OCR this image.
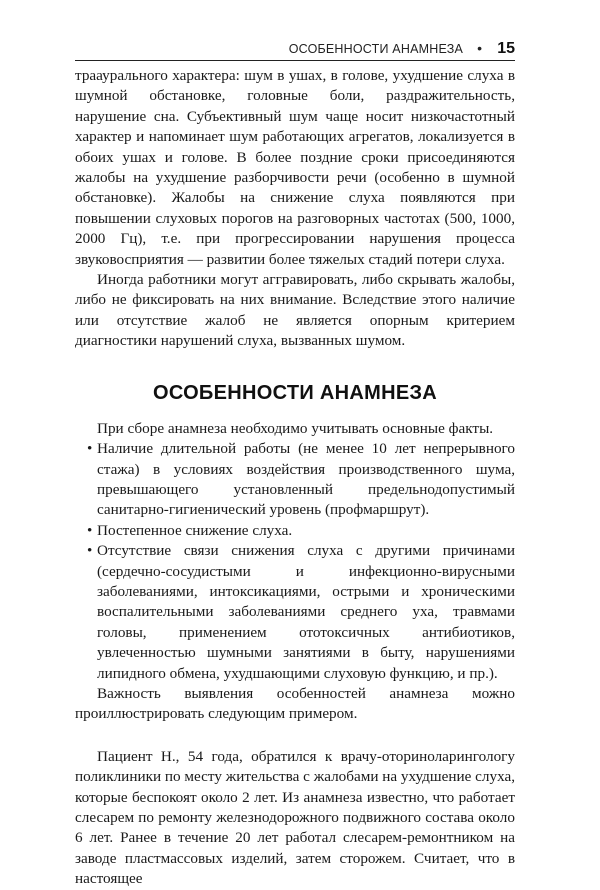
ОСОБЕННОСТИ АНАМНЕЗА • 15

трааурального характера: шум в ушах, в голове, ухудшение слуха в шумной обстановке, головные боли, раздражительность, нарушение сна. Субъективный шум чаще носит низкочастотный характер и напоминает шум работающих агрегатов, локализуется в обоих ушах и голове. В более поздние сроки присоединяются жалобы на ухудшение разборчивости речи (особенно в шумной обстановке). Жалобы на снижение слуха появляются при повышении слуховых порогов на разговорных частотах (500, 1000, 2000 Гц), т.е. при прогрессировании нарушения процесса звуковосприятия — развитии более тяжелых стадий потери слуха.

Иногда работники могут аггравировать, либо скрывать жалобы, либо не фиксировать на них внимание. Вследствие этого наличие или отсутствие жалоб не является опорным критерием диагностики нарушений слуха, вызванных шумом.

ОСОБЕННОСТИ АНАМНЕЗА

При сборе анамнеза необходимо учитывать основные факты.

• Наличие длительной работы (не менее 10 лет непрерывного стажа) в условиях воздействия производственного шума, превышающего установленный предельнодопустимый санитарно-гигиенический уровень (профмаршрут).
• Постепенное снижение слуха.
• Отсутствие связи снижения слуха с другими причинами (сердечно-сосудистыми и инфекционно-вирусными заболеваниями, интоксикациями, острыми и хроническими воспалительными заболеваниями среднего уха, травмами головы, применением ототоксичных антибиотиков, увлеченностью шумными занятиями в быту, нарушениями липидного обмена, ухудшающими слуховую функцию, и пр.).

Важность выявления особенностей анамнеза можно проиллюстрировать следующим примером.

Пациент Н., 54 года, обратился к врачу-оториноларингологу поликлиники по месту жительства с жалобами на ухудшение слуха, которые беспокоят около 2 лет. Из анамнеза известно, что работает слесарем по ремонту железнодорожного подвижного состава около 6 лет. Ранее в течение 20 лет работал слесарем-ремонтником на заводе пластмассовых изделий, затем сторожем. Считает, что в настоящее
